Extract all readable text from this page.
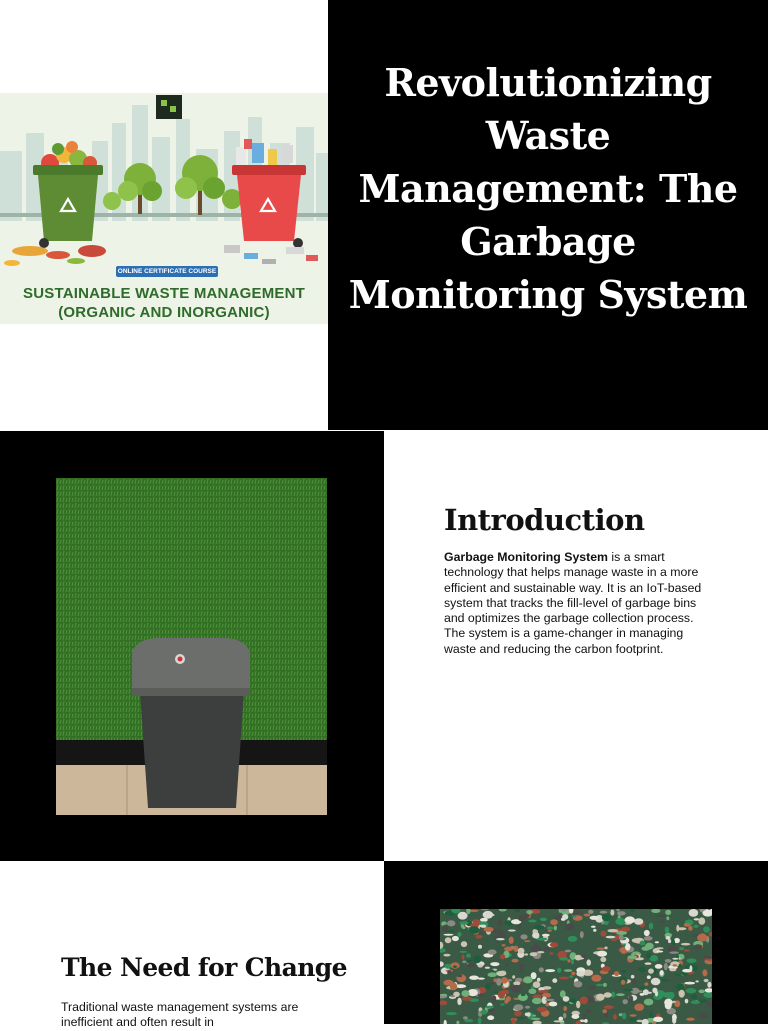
ONLINE CERTIFICATE COURSE
SUSTAINABLE WASTE MANAGEMENT
(ORGANIC AND INORGANIC)
Revolutionizing Waste Management: The Garbage Monitoring System
Introduction

Garbage Monitoring System is a smart technology that helps manage waste in a more efficient and sustainable way. It is an IoT-based system that tracks the fill-level of garbage bins and optimizes the garbage collection process. The system is a game-changer in managing waste and reducing the carbon footprint.

The Need for Change

Traditional waste management systems are inefficient and often result in
